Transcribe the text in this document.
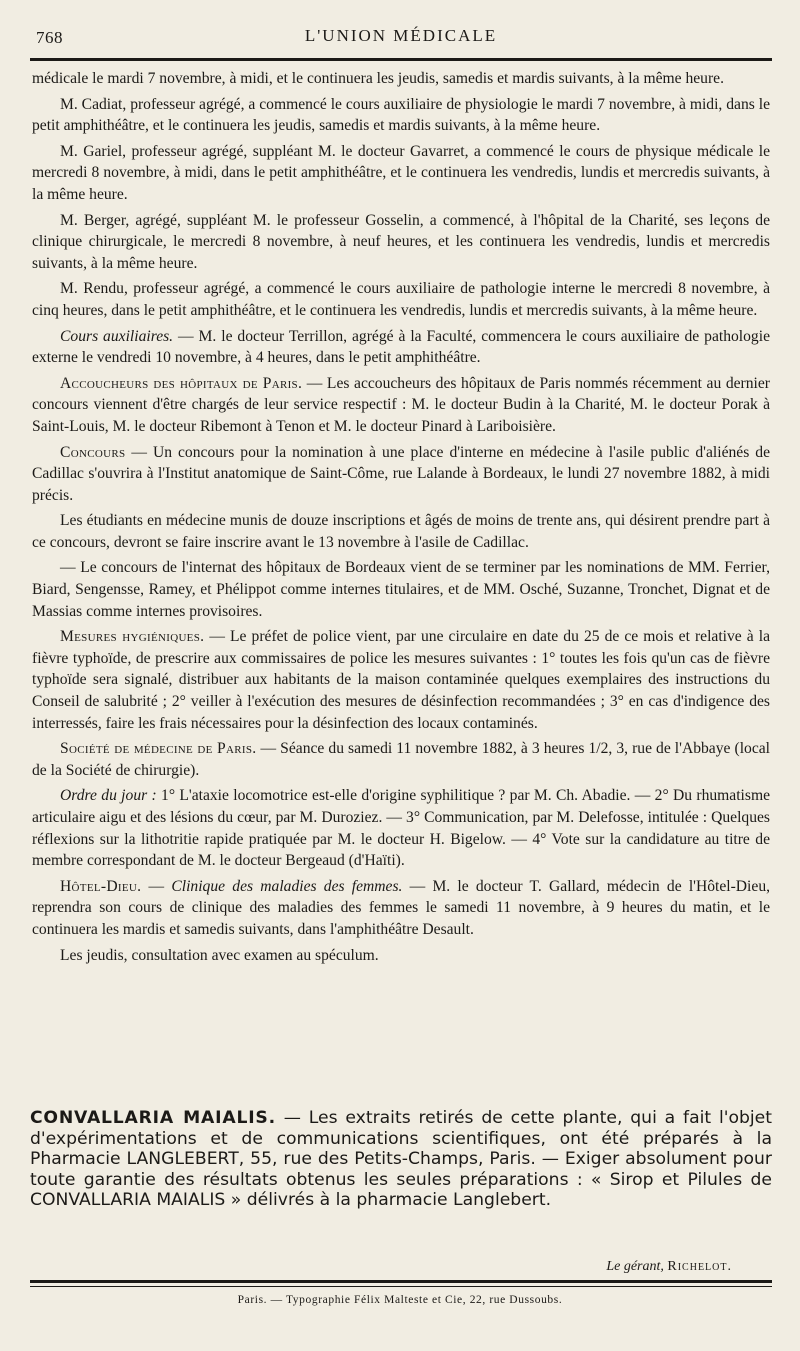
768	L'UNION MÉDICALE

médicale le mardi 7 novembre, à midi, et le continuera les jeudis, samedis et mardis suivants, à la même heure.

M. Cadiat, professeur agrégé, a commencé le cours auxiliaire de physiologie le mardi 7 novembre, à midi, dans le petit amphithéâtre, et le continuera les jeudis, samedis et mardis suivants, à la même heure.

M. Gariel, professeur agrégé, suppléant M. le docteur Gavarret, a commencé le cours de physique médicale le mercredi 8 novembre, à midi, dans le petit amphithéâtre, et le continuera les vendredis, lundis et mercredis suivants, à la même heure.

M. Berger, agrégé, suppléant M. le professeur Gosselin, a commencé, à l'hôpital de la Charité, ses leçons de clinique chirurgicale, le mercredi 8 novembre, à neuf heures, et les continuera les vendredis, lundis et mercredis suivants, à la même heure.

M. Rendu, professeur agrégé, a commencé le cours auxiliaire de pathologie interne le mercredi 8 novembre, à cinq heures, dans le petit amphithéâtre, et le continuera les vendredis, lundis et mercredis suivants, à la même heure.

Cours auxiliaires. — M. le docteur Terrillon, agrégé à la Faculté, commencera le cours auxiliaire de pathologie externe le vendredi 10 novembre, à 4 heures, dans le petit amphithéâtre.

Accoucheurs des hôpitaux de Paris. — Les accoucheurs des hôpitaux de Paris nommés récemment au dernier concours viennent d'être chargés de leur service respectif : M. le docteur Budin à la Charité, M. le docteur Porak à Saint-Louis, M. le docteur Ribemont à Tenon et M. le docteur Pinard à Lariboisière.

Concours — Un concours pour la nomination à une place d'interne en médecine à l'asile public d'aliénés de Cadillac s'ouvrira à l'Institut anatomique de Saint-Côme, rue Lalande à Bordeaux, le lundi 27 novembre 1882, à midi précis.

Les étudiants en médecine munis de douze inscriptions et âgés de moins de trente ans, qui désirent prendre part à ce concours, devront se faire inscrire avant le 13 novembre à l'asile de Cadillac.

— Le concours de l'internat des hôpitaux de Bordeaux vient de se terminer par les nominations de MM. Ferrier, Biard, Sengensse, Ramey, et Phélippot comme internes titulaires, et de MM. Osché, Suzanne, Tronchet, Dignat et de Massias comme internes provisoires.

Mesures hygiéniques. — Le préfet de police vient, par une circulaire en date du 25 de ce mois et relative à la fièvre typhoïde, de prescrire aux commissaires de police les mesures suivantes : 1° toutes les fois qu'un cas de fièvre typhoïde sera signalé, distribuer aux habitants de la maison contaminée quelques exemplaires des instructions du Conseil de salubrité ; 2° veiller à l'exécution des mesures de désinfection recommandées ; 3° en cas d'indigence des interressés, faire les frais nécessaires pour la désinfection des locaux contaminés.

Société de médecine de Paris. — Séance du samedi 11 novembre 1882, à 3 heures 1/2, 3, rue de l'Abbaye (local de la Société de chirurgie).

Ordre du jour : 1° L'ataxie locomotrice est-elle d'origine syphilitique ? par M. Ch. Abadie. — 2° Du rhumatisme articulaire aigu et des lésions du cœur, par M. Duroziez. — 3° Communication, par M. Delefosse, intitulée : Quelques réflexions sur la lithotritie rapide pratiquée par M. le docteur H. Bigelow. — 4° Vote sur la candidature au titre de membre correspondant de M. le docteur Bergeaud (d'Haïti).

Hôtel-Dieu. — Clinique des maladies des femmes. — M. le docteur T. Gallard, médecin de l'Hôtel-Dieu, reprendra son cours de clinique des maladies des femmes le samedi 11 novembre, à 9 heures du matin, et le continuera les mardis et samedis suivants, dans l'amphithéâtre Desault.

Les jeudis, consultation avec examen au spéculum.

CONVALLARIA MAIALIS. — Les extraits retirés de cette plante, qui a fait l'objet d'expérimentations et de communications scientifiques, ont été préparés à la Pharmacie LANGLEBERT, 55, rue des Petits-Champs, Paris. — Exiger absolument pour toute garantie des résultats obtenus les seules préparations : « Sirop et Pilules de CONVALLARIA MAIALIS » délivrés à la pharmacie Langlebert.

Le gérant, Richelot.
Paris. — Typographie Félix Malteste et Cie, 22, rue Dussoubs.
